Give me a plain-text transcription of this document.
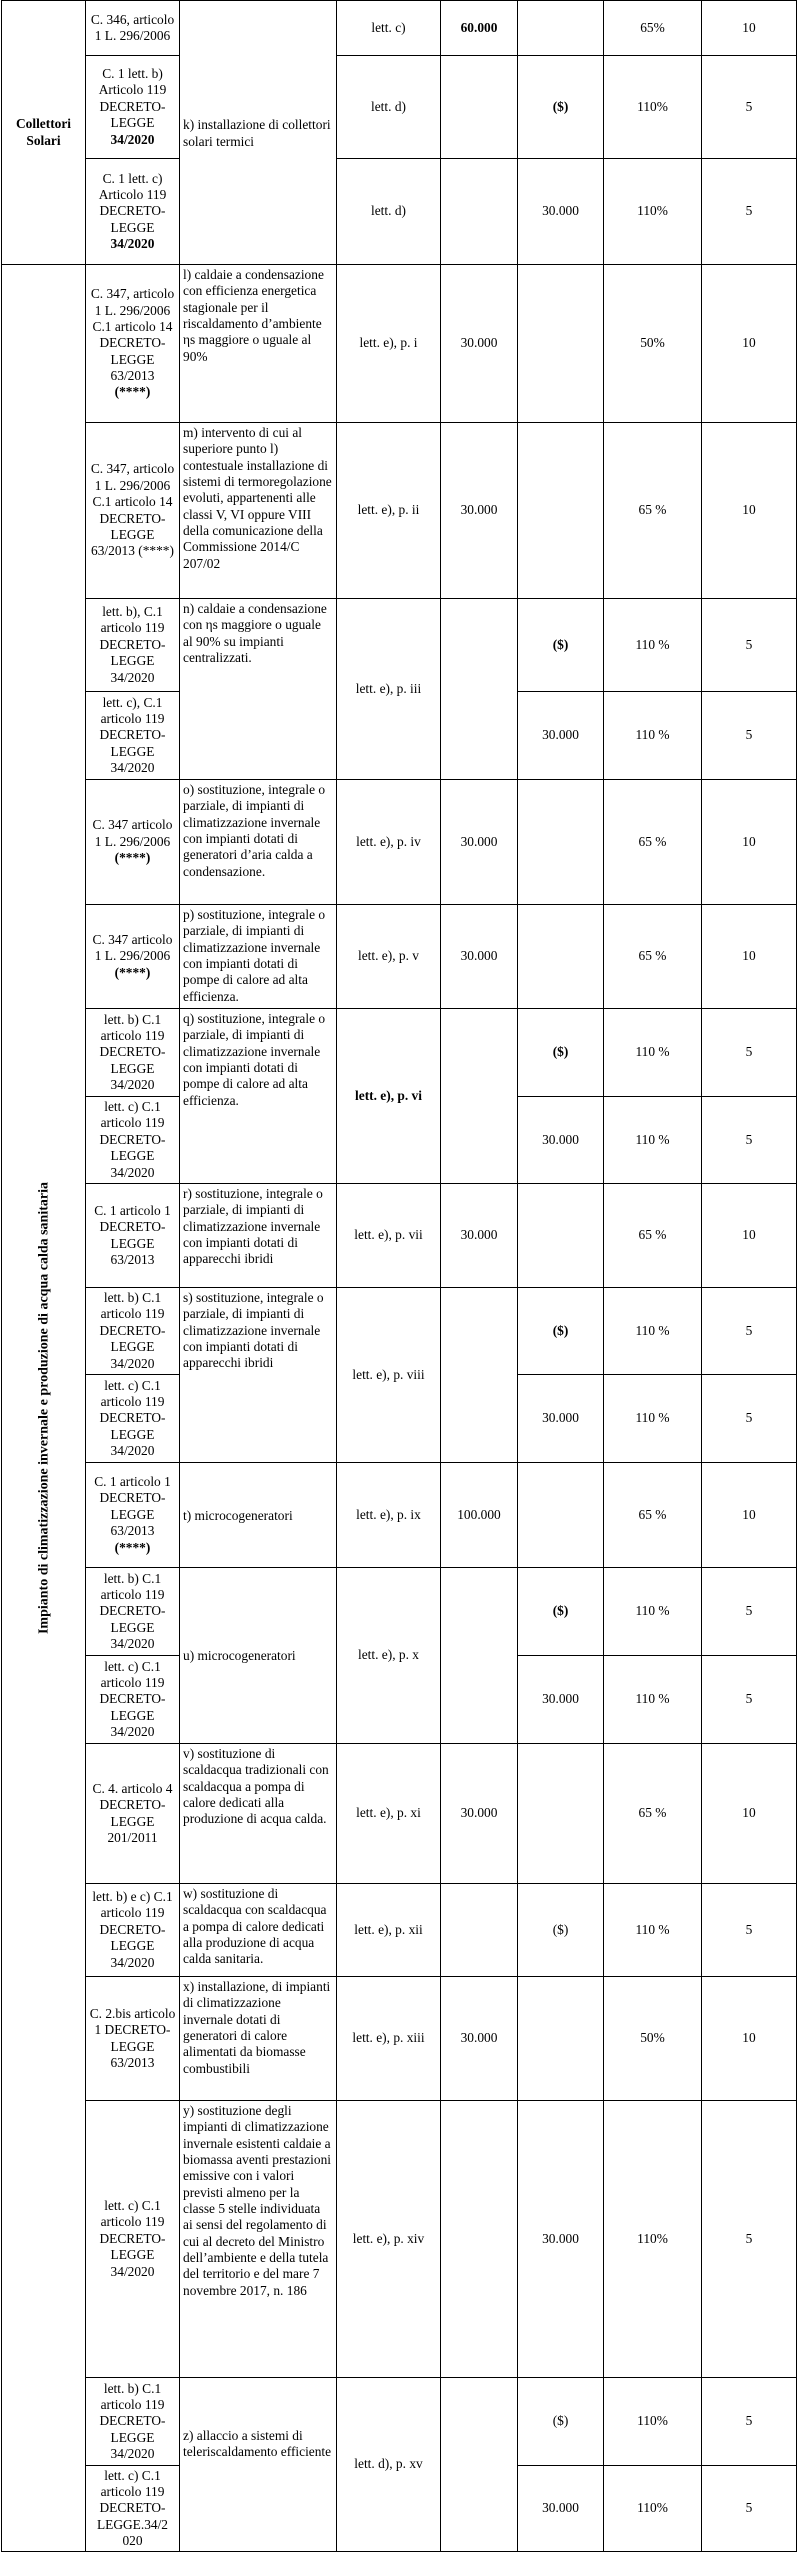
Collettori Solari	C. 346, articolo 1 L. 296/2006	k) installazione di collettori solari termici	lett. c)	60.000		65%	10
	C. 1 lett. b) Articolo 119 DECRETO-LEGGE
34/2020		lett. d)		($)	110%	5
	C. 1 lett. c) Articolo 119 DECRETO-LEGGE
34/2020		lett. d)		30.000	110%	5

Impianto di climatizzazione invernale e produzione di acqua calda sanitaria	C. 347, articolo 1 L. 296/2006 C.1 articolo 14 DECRETO-LEGGE 63/2013
(****)	l) caldaie a condensazione con efficienza energetica stagionale per il riscaldamento d’ambiente ηs maggiore o uguale al 90%	lett. e), p. i	30.000		50%	10
	C. 347, articolo 1 L. 296/2006 C.1 articolo 14 DECRETO-LEGGE 63/2013 (****)	m) intervento di cui al superiore punto l) contestuale installazione di sistemi di termoregolazione evoluti, appartenenti alle classi V, VI oppure VIII della comunicazione della Commissione 2014/C 207/02	lett. e), p. ii	30.000		65 %	10
	lett. b), C.1 articolo 119 DECRETO-LEGGE 34/2020	n) caldaie a condensazione con ηs maggiore o uguale al 90% su impianti centralizzati.	lett. e), p. iii		($)	110 %	5
	lett. c), C.1 articolo 119 DECRETO-LEGGE 34/2020				30.000	110 %	5
	C. 347 articolo 1 L. 296/2006
(****)	o) sostituzione, integrale o parziale, di impianti di climatizzazione invernale con impianti dotati di generatori d’aria calda a condensazione.	lett. e), p. iv	30.000		65 %	10
	C. 347 articolo 1 L. 296/2006
(****)	p) sostituzione, integrale o parziale, di impianti di climatizzazione invernale con impianti dotati di pompe di calore ad alta efficienza.	lett. e), p. v	30.000		65 %	10
	lett. b) C.1 articolo 119 DECRETO-LEGGE 34/2020	q) sostituzione, integrale o parziale, di impianti di climatizzazione invernale con impianti dotati di pompe di calore ad alta efficienza.	lett. e), p. vi		($)	110 %	5
	lett. c) C.1 articolo 119 DECRETO-LEGGE 34/2020				30.000	110 %	5
	C. 1 articolo 1 DECRETO-LEGGE 63/2013	r) sostituzione, integrale o parziale, di impianti di climatizzazione invernale con impianti dotati di apparecchi ibridi	lett. e), p. vii	30.000		65 %	10
	lett. b) C.1 articolo 119 DECRETO-LEGGE 34/2020	s) sostituzione, integrale o parziale, di impianti di climatizzazione invernale con impianti dotati di apparecchi ibridi	lett. e), p. viii		($)	110 %	5
	lett. c) C.1 articolo 119 DECRETO-LEGGE 34/2020				30.000	110 %	5
	C. 1 articolo 1 DECRETO-LEGGE 63/2013
(****)	t) microcogeneratori	lett. e), p. ix	100.000		65 %	10
	lett. b) C.1 articolo 119 DECRETO-LEGGE 34/2020	u) microcogeneratori	lett. e), p. x		($)	110 %	5
	lett. c) C.1 articolo 119 DECRETO-LEGGE 34/2020				30.000	110 %	5
	C. 4. articolo 4 DECRETO-LEGGE 201/2011	v) sostituzione di scaldacqua tradizionali con scaldacqua a pompa di calore dedicati alla produzione di acqua calda.	lett. e), p. xi	30.000		65 %	10
	lett. b) e c) C.1 articolo 119 DECRETO-LEGGE 34/2020	w) sostituzione di scaldacqua con scaldacqua a pompa di calore dedicati alla produzione di acqua calda sanitaria.	lett. e), p. xii		($)	110 %	5
	C. 2.bis articolo 1 DECRETO-LEGGE 63/2013	x) installazione, di impianti di climatizzazione invernale dotati di generatori di calore alimentati da biomasse combustibili	lett. e), p. xiii	30.000		50%	10
	lett. c) C.1 articolo 119 DECRETO-LEGGE 34/2020	y) sostituzione degli impianti di climatizzazione invernale esistenti caldaie a biomassa aventi prestazioni emissive con i valori previsti almeno per la classe 5 stelle individuata ai sensi del regolamento di cui al decreto del Ministro dell’ambiente e della tutela del territorio e del mare 7 novembre 2017, n. 186	lett. e), p. xiv		30.000	110%	5
	lett. b) C.1 articolo 119 DECRETO-LEGGE 34/2020	z) allaccio a sistemi di teleriscaldamento efficiente	lett. d), p. xv		($)	110%	5
	lett. c) C.1 articolo 119 DECRETO-LEGGE.34/2 020				30.000	110%	5
